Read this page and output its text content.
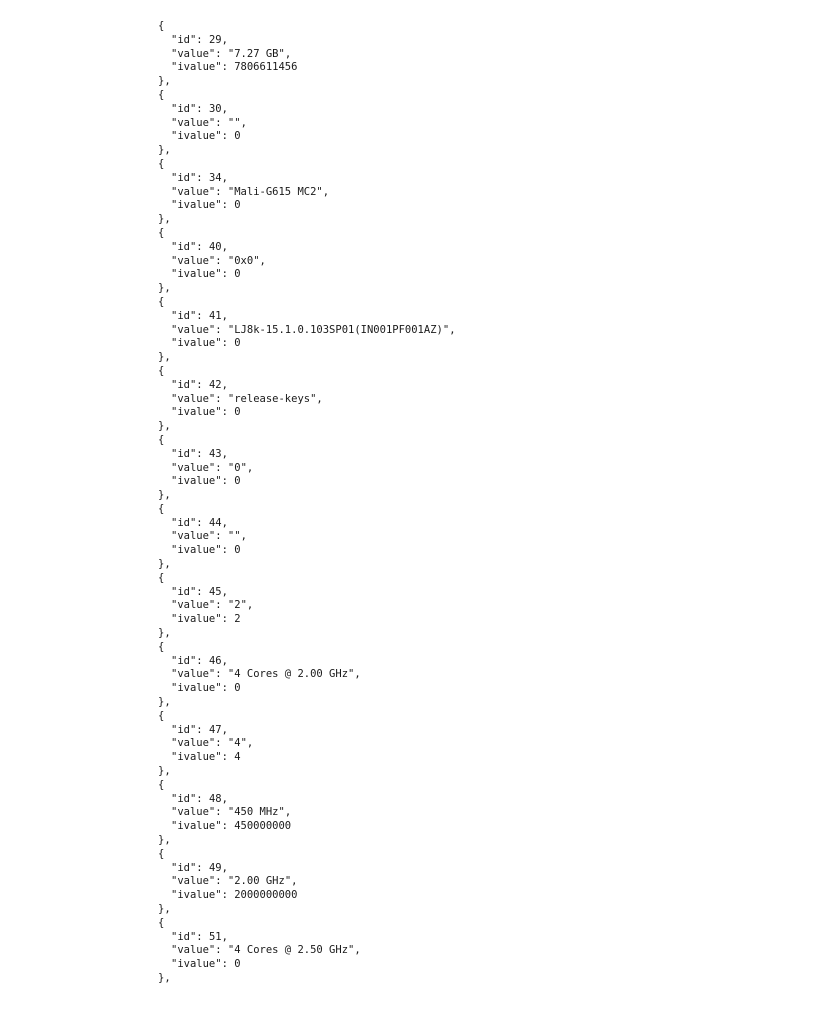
{
"id": 29,
"value": "7.27 GB",
"ivalue": 7806611456
},
{
"id": 30,
"value": "",
"ivalue": 0
},
{
"id": 34,
"value": "Mali-G615 MC2",
"ivalue": 0
},
{
"id": 40,
"value": "0x0",
"ivalue": 0
},
{
"id": 41,
"value": "LJ8k-15.1.0.103SP01(IN001PF001AZ)",
"ivalue": 0
},
{
"id": 42,
"value": "release-keys",
"ivalue": 0
},
{
"id": 43,
"value": "0",
"ivalue": 0
},
{
"id": 44,
"value": "",
"ivalue": 0
},
{
"id": 45,
"value": "2",
"ivalue": 2
},
{
"id": 46,
"value": "4 Cores @ 2.00 GHz",
"ivalue": 0
},
{
"id": 47,
"value": "4",
"ivalue": 4
},
{
"id": 48,
"value": "450 MHz",
"ivalue": 450000000
},
{
"id": 49,
"value": "2.00 GHz",
"ivalue": 2000000000
},
{
"id": 51,
"value": "4 Cores @ 2.50 GHz",
"ivalue": 0
},
